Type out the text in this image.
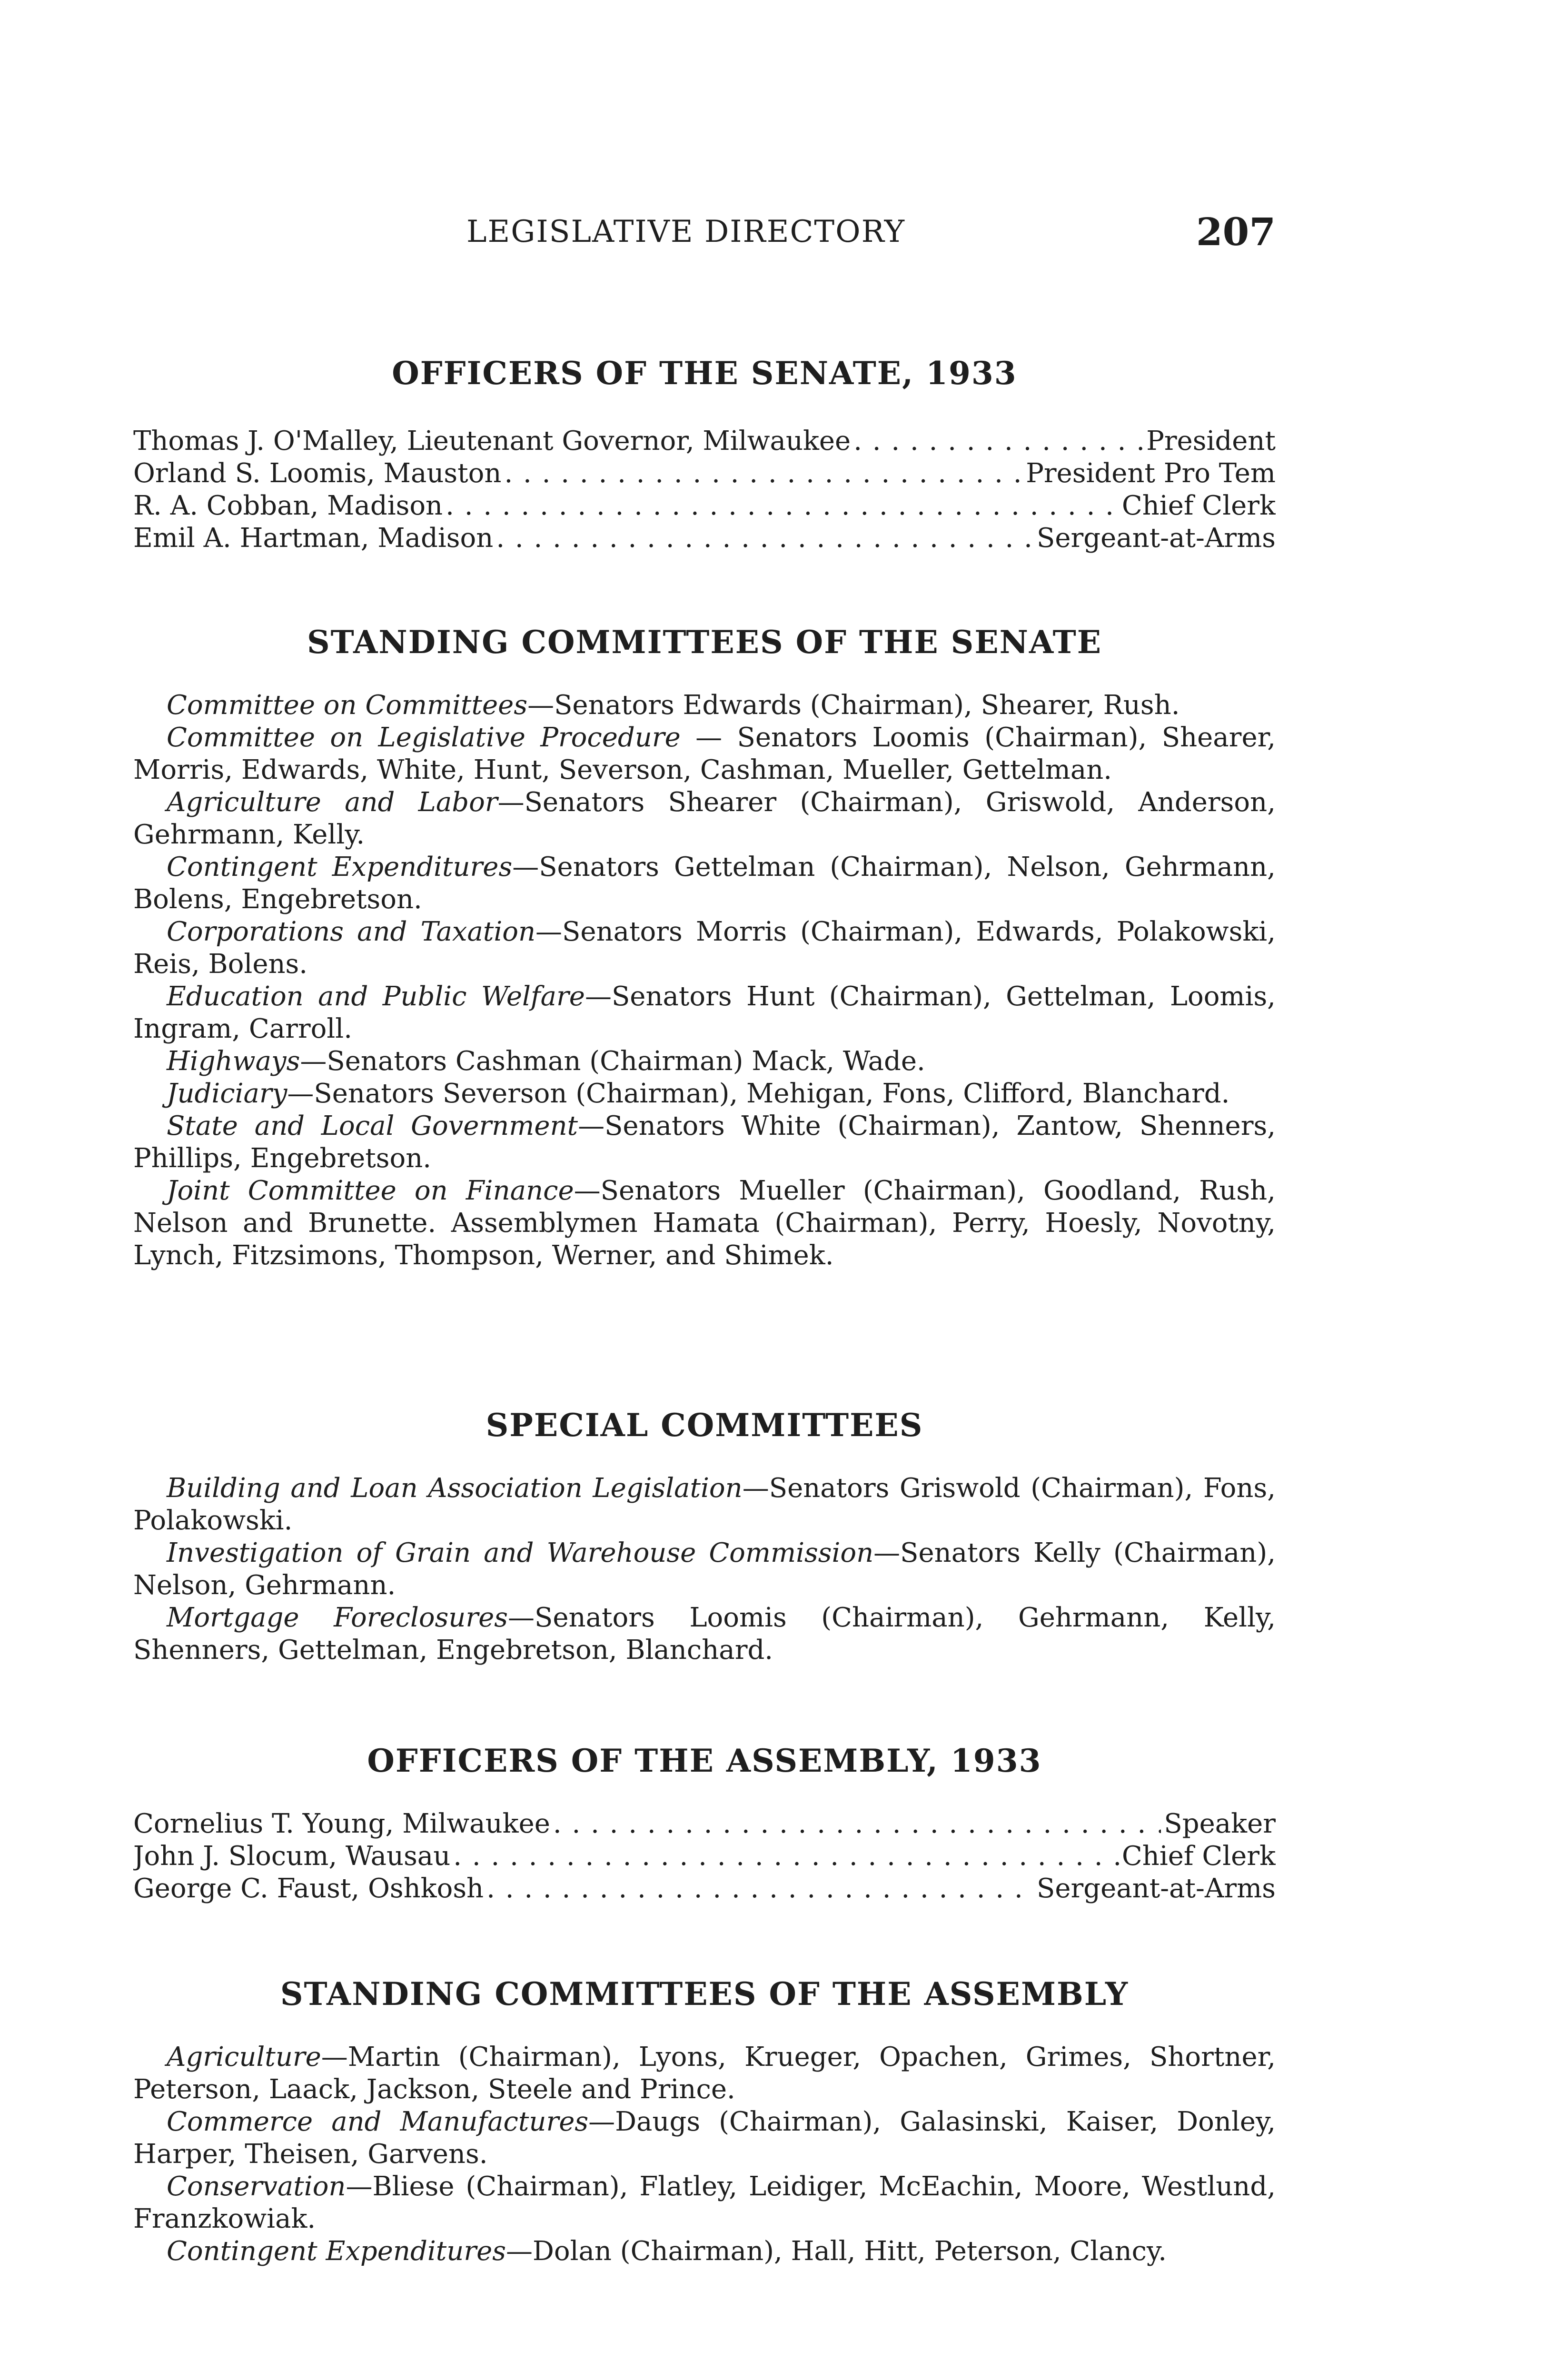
LEGISLATIVE DIRECTORY	207
OFFICERS OF THE SENATE, 1933
Thomas J. O'Malley, Lieutenant Governor, Milwaukee . . .	President
Orland S. Loomis, Mauston . . .	President Pro Tem
R. A. Cobban, Madison . . .	Chief Clerk
Emil A. Hartman, Madison . . .	Sergeant-at-Arms
STANDING COMMITTEES OF THE SENATE

Committee on Committees—Senators Edwards (Chairman), Shearer, Rush.

Committee on Legislative Procedure — Senators Loomis (Chairman), Shearer, Morris, Edwards, White, Hunt, Severson, Cashman, Mueller, Gettelman.

Agriculture and Labor—Senators Shearer (Chairman), Griswold, Anderson, Gehrmann, Kelly.

Contingent Expenditures—Senators Gettelman (Chairman), Nelson, Gehrmann, Bolens, Engebretson.

Corporations and Taxation—Senators Morris (Chairman), Edwards, Polakowski, Reis, Bolens.

Education and Public Welfare—Senators Hunt (Chairman), Gettelman, Loomis, Ingram, Carroll.

Highways—Senators Cashman (Chairman) Mack, Wade.

Judiciary—Senators Severson (Chairman), Mehigan, Fons, Clifford, Blanchard.

State and Local Government—Senators White (Chairman), Zantow, Shenners, Phillips, Engebretson.

Joint Committee on Finance—Senators Mueller (Chairman), Goodland, Rush, Nelson and Brunette. Assemblymen Hamata (Chairman), Perry, Hoesly, Novotny, Lynch, Fitzsimons, Thompson, Werner, and Shimek.

SPECIAL COMMITTEES

Building and Loan Association Legislation—Senators Griswold (Chairman), Fons, Polakowski.

Investigation of Grain and Warehouse Commission—Senators Kelly (Chairman), Nelson, Gehrmann.

Mortgage Foreclosures—Senators Loomis (Chairman), Gehrmann, Kelly, Shenners, Gettelman, Engebretson, Blanchard.

OFFICERS OF THE ASSEMBLY, 1933
Cornelius T. Young, Milwaukee . . .	Speaker
John J. Slocum, Wausau . . .	Chief Clerk
George C. Faust, Oshkosh . . .	Sergeant-at-Arms
STANDING COMMITTEES OF THE ASSEMBLY

Agriculture—Martin (Chairman), Lyons, Krueger, Opachen, Grimes, Shortner, Peterson, Laack, Jackson, Steele and Prince.

Commerce and Manufactures—Daugs (Chairman), Galasinski, Kaiser, Donley, Harper, Theisen, Garvens.

Conservation—Bliese (Chairman), Flatley, Leidiger, McEachin, Moore, Westlund, Franzkowiak.

Contingent Expenditures—Dolan (Chairman), Hall, Hitt, Peterson, Clancy.
